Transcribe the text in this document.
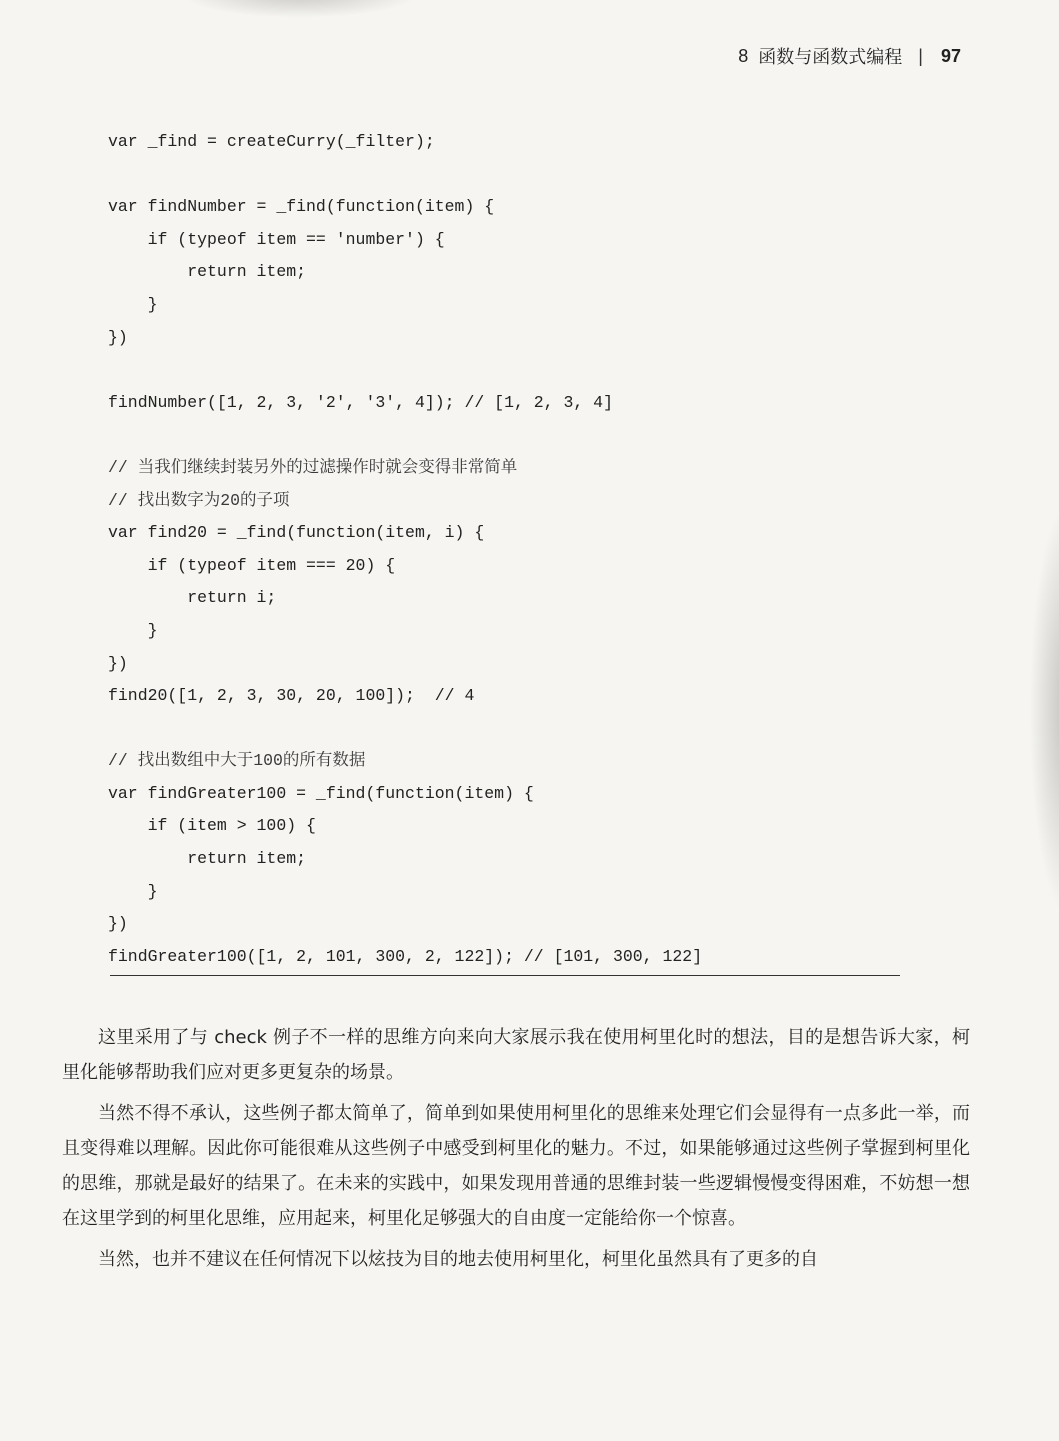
8 函数与函数式编程 | 97
var _find = createCurry(_filter);
var findNumber = _find(function(item) {
if (typeof item == 'number') {
return item;
}
})
findNumber([1, 2, 3, '2', '3', 4]); // [1, 2, 3, 4]
// 当我们继续封装另外的过滤操作时就会变得非常简单
// 找出数字为20的子项
var find20 = _find(function(item, i) {
if (typeof item === 20) {
return i;
}
})
find20([1, 2, 3, 30, 20, 100]);  // 4
// 找出数组中大于100的所有数据
var findGreater100 = _find(function(item) {
if (item > 100) {
return item;
}
})
findGreater100([1, 2, 101, 300, 2, 122]); // [101, 300, 122]

这里采用了与 check 例子不一样的思维方向来向大家展示我在使用柯里化时的想法，目的是想告诉大家，柯里化能够帮助我们应对更多更复杂的场景。

当然不得不承认，这些例子都太简单了，简单到如果使用柯里化的思维来处理它们会显得有一点多此一举，而且变得难以理解。因此你可能很难从这些例子中感受到柯里化的魅力。不过，如果能够通过这些例子掌握到柯里化的思维，那就是最好的结果了。在未来的实践中，如果发现用普通的思维封装一些逻辑慢慢变得困难，不妨想一想在这里学到的柯里化思维，应用起来，柯里化足够强大的自由度一定能给你一个惊喜。

当然，也并不建议在任何情况下以炫技为目的地去使用柯里化，柯里化虽然具有了更多的自
